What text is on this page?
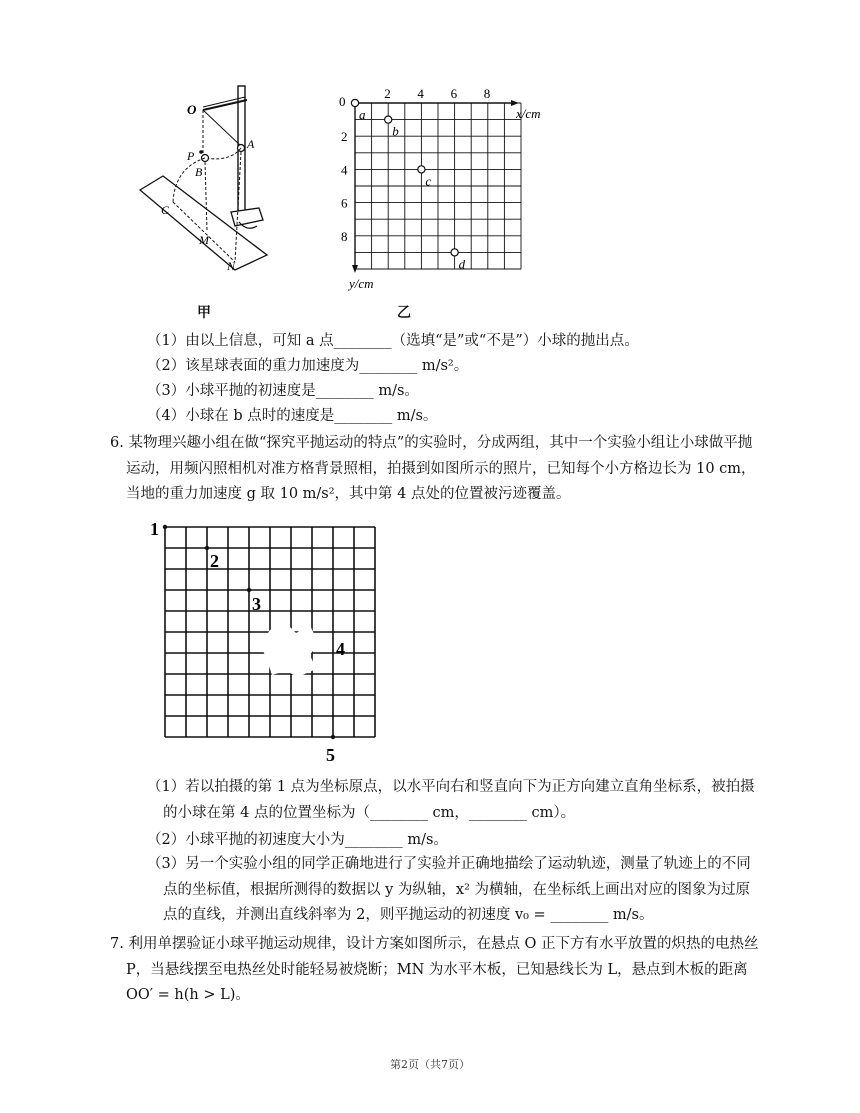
O
A
P
B
C
M
N
甲
x/cm
y/cm
0
2 4 6 8
2
4
6
8
a
b
c
d
乙
（1）由以上信息，可知 a 点________（选填“是”或“不是”）小球的抛出点。
（2）该星球表面的重力加速度为________ m/s²。
（3）小球平抛的初速度是________ m/s。
（4）小球在 b 点时的速度是________ m/s。
6. 某物理兴趣小组在做“探究平抛运动的特点”的实验时，分成两组，其中一个实验小组让小球做平抛运动，用频闪照相机对准方格背景照相，拍摄到如图所示的照片，已知每个小方格边长为 10 cm，当地的重力加速度 g 取 10 m/s²，其中第 4 点处的位置被污迹覆盖。
1
2
3
4
5
（1）若以拍摄的第 1 点为坐标原点，以水平向右和竖直向下为正方向建立直角坐标系，被拍摄的小球在第 4 点的位置坐标为（________ cm，________ cm）。
（2）小球平抛的初速度大小为________ m/s。
（3）另一个实验小组的同学正确地进行了实验并正确地描绘了运动轨迹，测量了轨迹上的不同点的坐标值，根据所测得的数据以 y 为纵轴，x² 为横轴，在坐标纸上画出对应的图象为过原点的直线，并测出直线斜率为 2，则平抛运动的初速度 v₀ = ________ m/s。
7. 利用单摆验证小球平抛运动规律，设计方案如图所示，在悬点 O 正下方有水平放置的炽热的电热丝 P，当悬线摆至电热丝处时能轻易被烧断；MN 为水平木板，已知悬线长为 L，悬点到木板的距离 OO′ = h(h > L)。
第2页（共7页）
